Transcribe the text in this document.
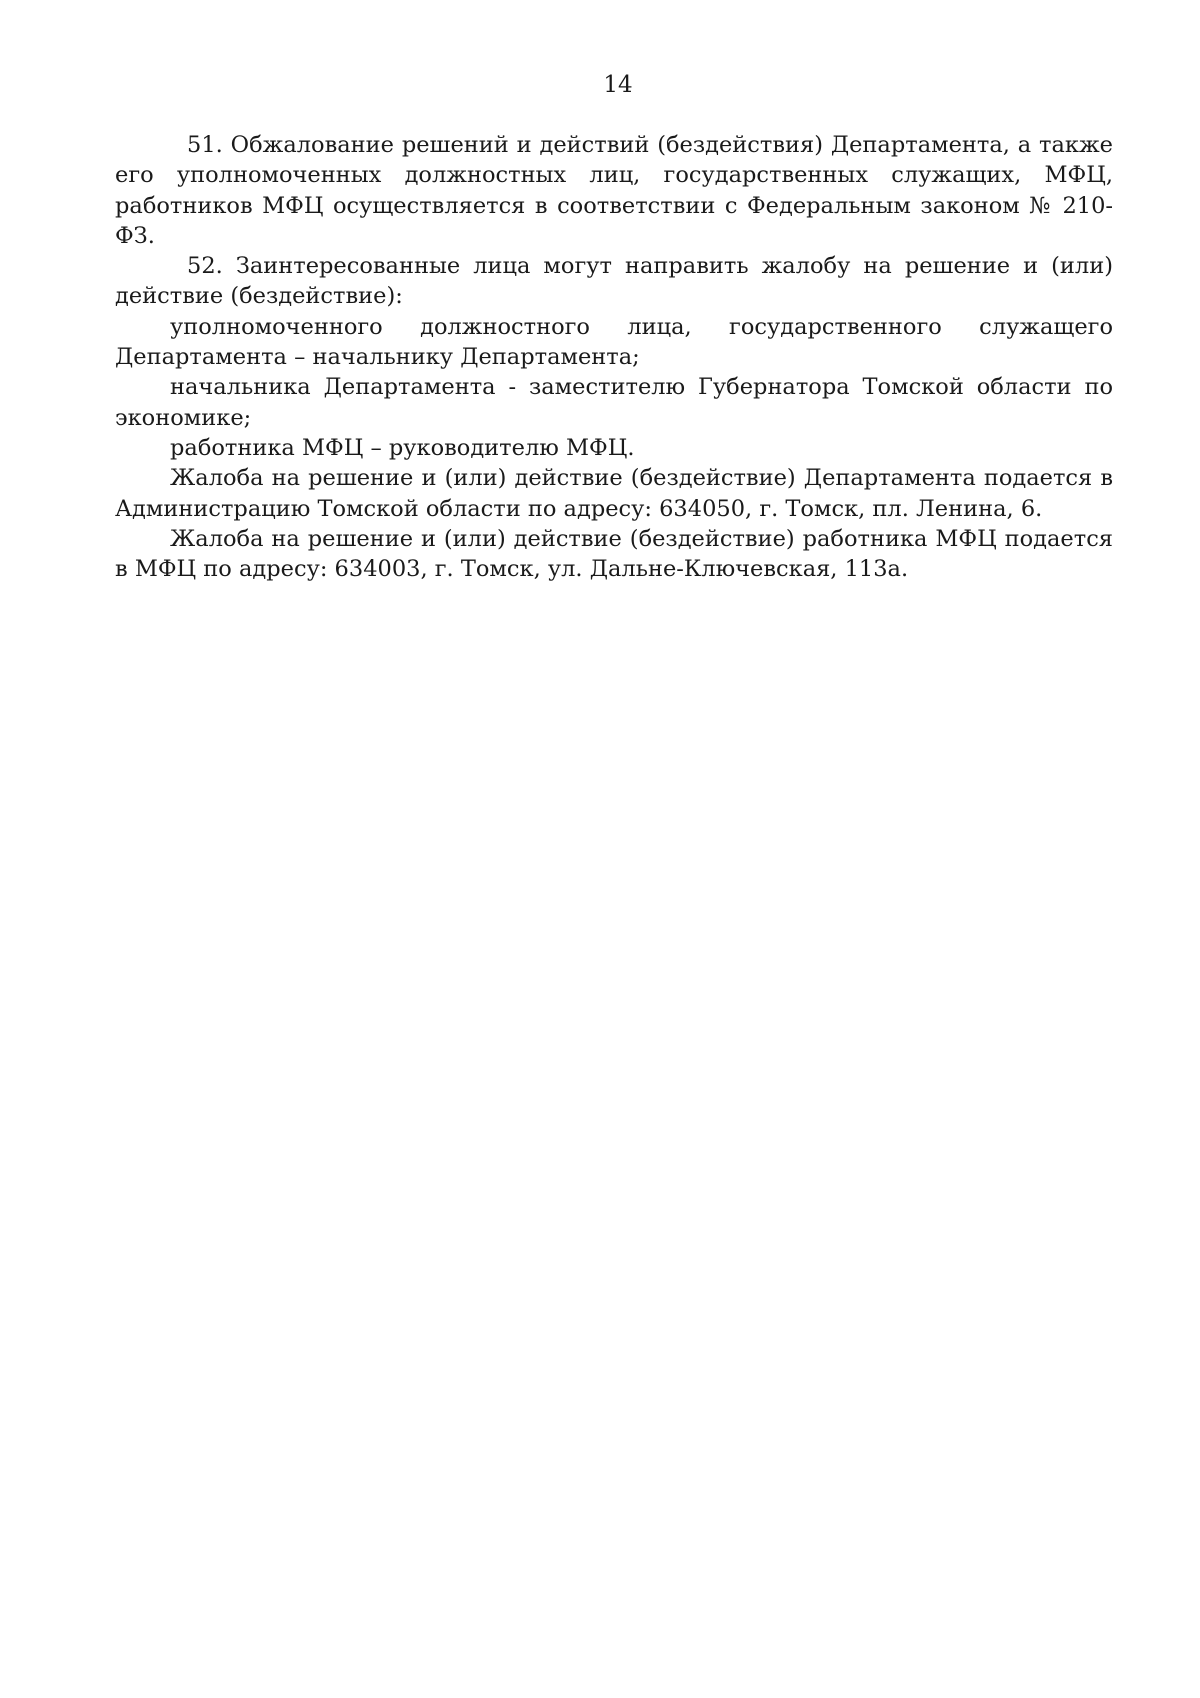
14

51. Обжалование решений и действий (бездействия) Департамента, а также его уполномоченных должностных лиц, государственных служащих, МФЦ, работников МФЦ осуществляется в соответствии с Федеральным законом № 210-ФЗ.

52. Заинтересованные лица могут направить жалобу на решение и (или) действие (бездействие):

уполномоченного должностного лица, государственного служащего Департамента – начальнику Департамента;

начальника Департамента - заместителю Губернатора Томской области по экономике;

работника МФЦ – руководителю МФЦ.

Жалоба на решение и (или) действие (бездействие) Департамента подается в Администрацию Томской области по адресу: 634050, г. Томск, пл. Ленина, 6.

Жалоба на решение и (или) действие (бездействие) работника МФЦ подается в МФЦ по адресу: 634003, г. Томск, ул. Дальне-Ключевская, 113а.
